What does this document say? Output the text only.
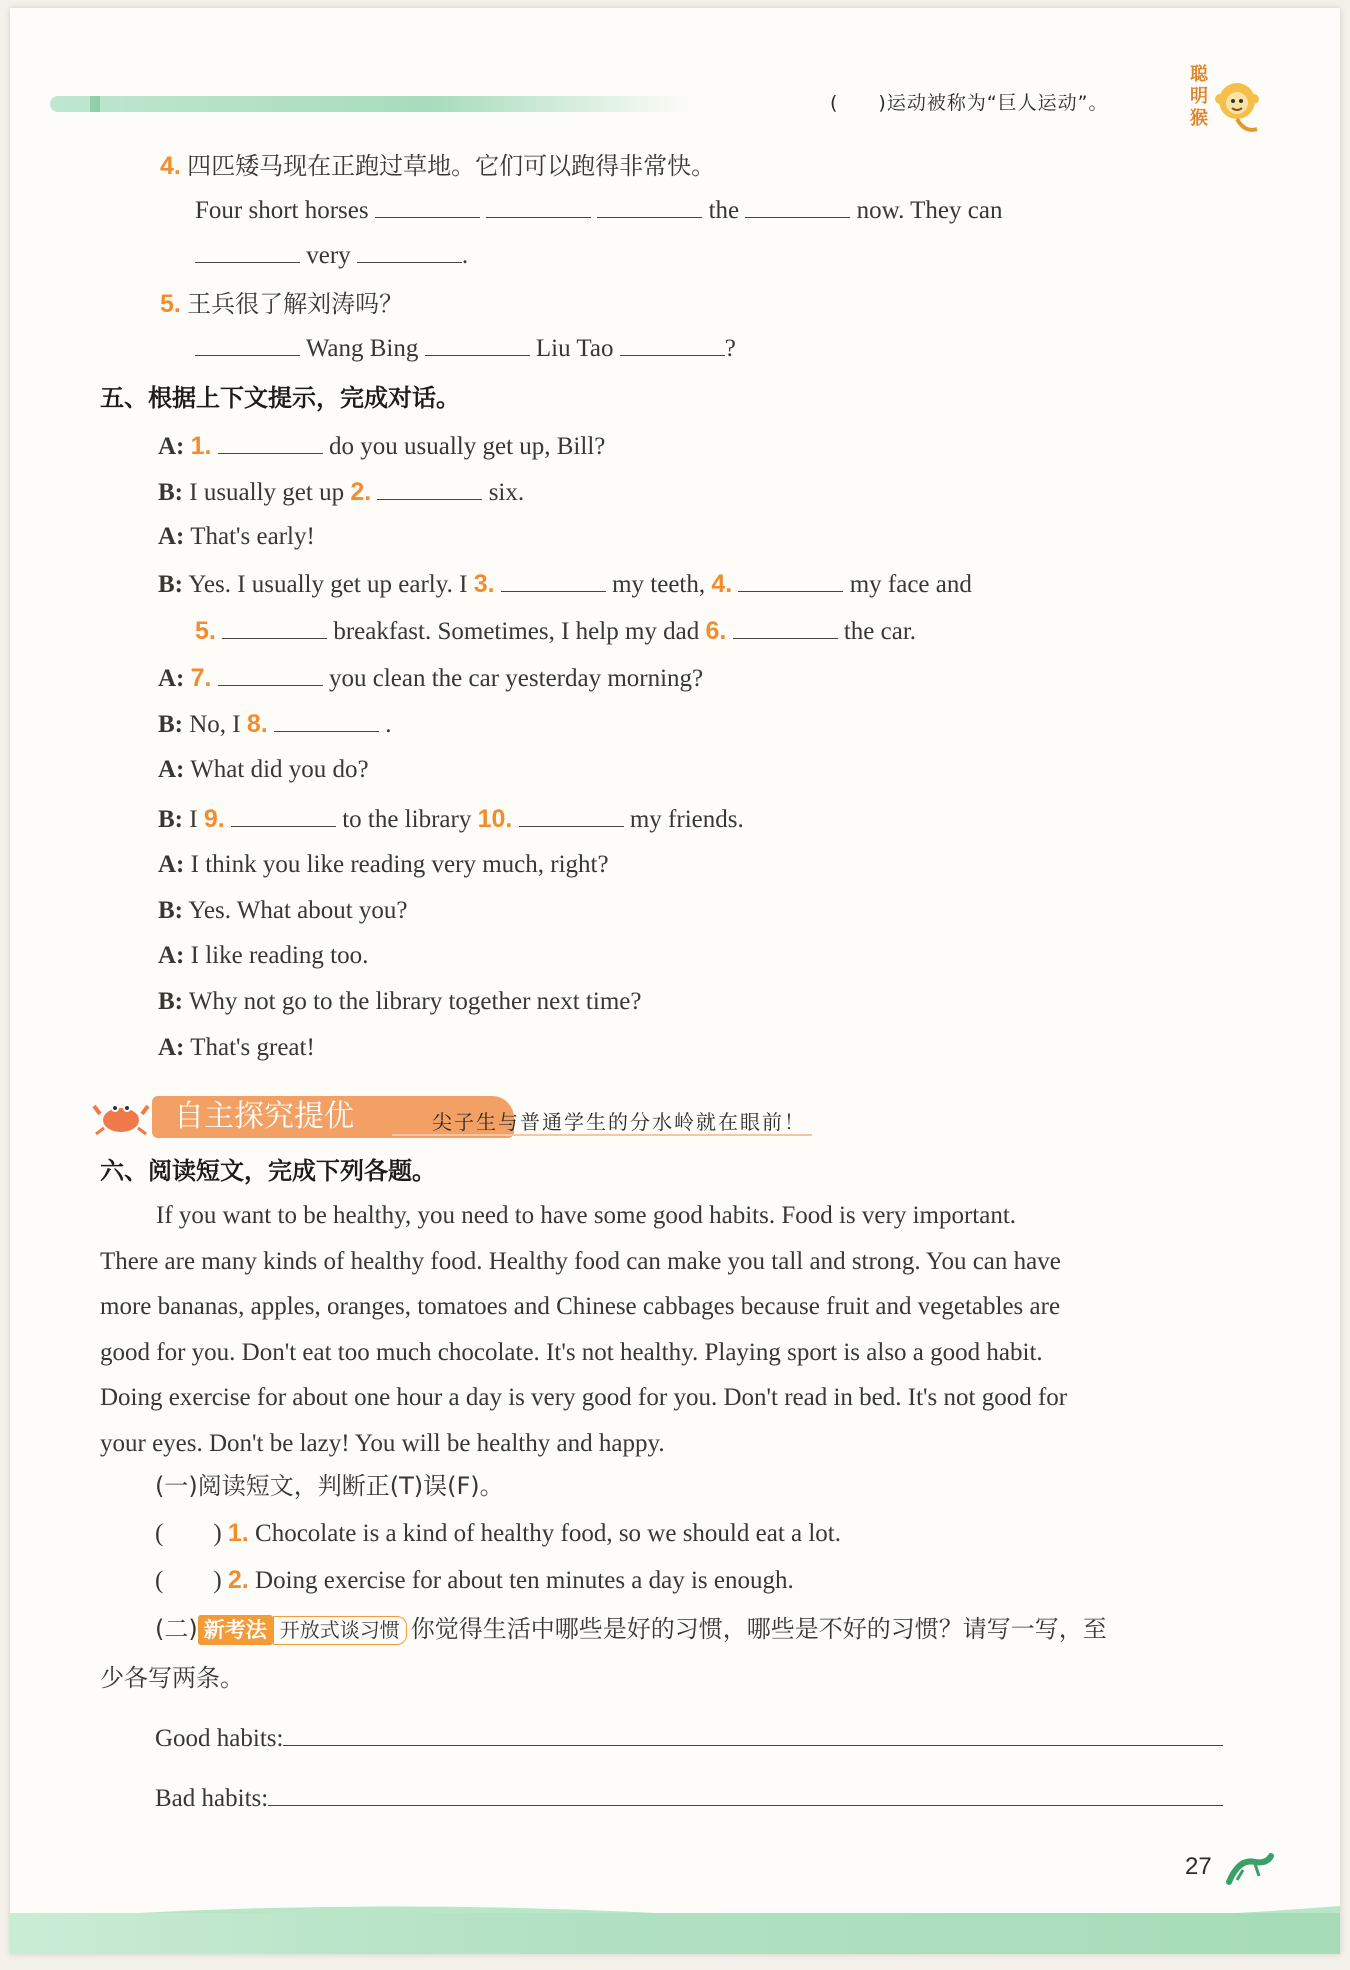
(　　)运动被称为“巨人运动”。
聪明猴
4. 四匹矮马现在正跑过草地。它们可以跑得非常快。
Four short horses	the	now. They can
very	.
5. 王兵很了解刘涛吗？
Wang Bing	Liu Tao	?
五、根据上下文提示，完成对话。
A: 1.	do you usually get up, Bill?
B: I usually get up 2.	six.
A: That's early!
B: Yes. I usually get up early. I 3.	my teeth, 4.	my face and
5.	breakfast. Sometimes, I help my dad 6.	the car.
A: 7.	you clean the car yesterday morning?
B: No, I 8.	.
A: What did you do?
B: I 9.	to the library 10.	my friends.
A: I think you like reading very much, right?
B: Yes. What about you?
A: I like reading too.
B: Why not go to the library together next time?
A: That's great!
自主探究提优	尖子生与普通学生的分水岭就在眼前！
六、阅读短文，完成下列各题。
If you want to be healthy, you need to have some good habits. Food is very important.
There are many kinds of healthy food. Healthy food can make you tall and strong. You can have
more bananas, apples, oranges, tomatoes and Chinese cabbages because fruit and vegetables are
good for you. Don't eat too much chocolate. It's not healthy. Playing sport is also a good habit.
Doing exercise for about one hour a day is very good for you. Don't read in bed. It's not good for
your eyes. Don't be lazy! You will be healthy and happy.
(一)阅读短文，判断正(T)误(F)。
(　　) 1. Chocolate is a kind of healthy food, so we should eat a lot.
(　　) 2. Doing exercise for about ten minutes a day is enough.
(二) 新考法 开放式谈习惯 你觉得生活中哪些是好的习惯，哪些是不好的习惯？请写一写，至
少各写两条。
Good habits:
Bad habits:
27
